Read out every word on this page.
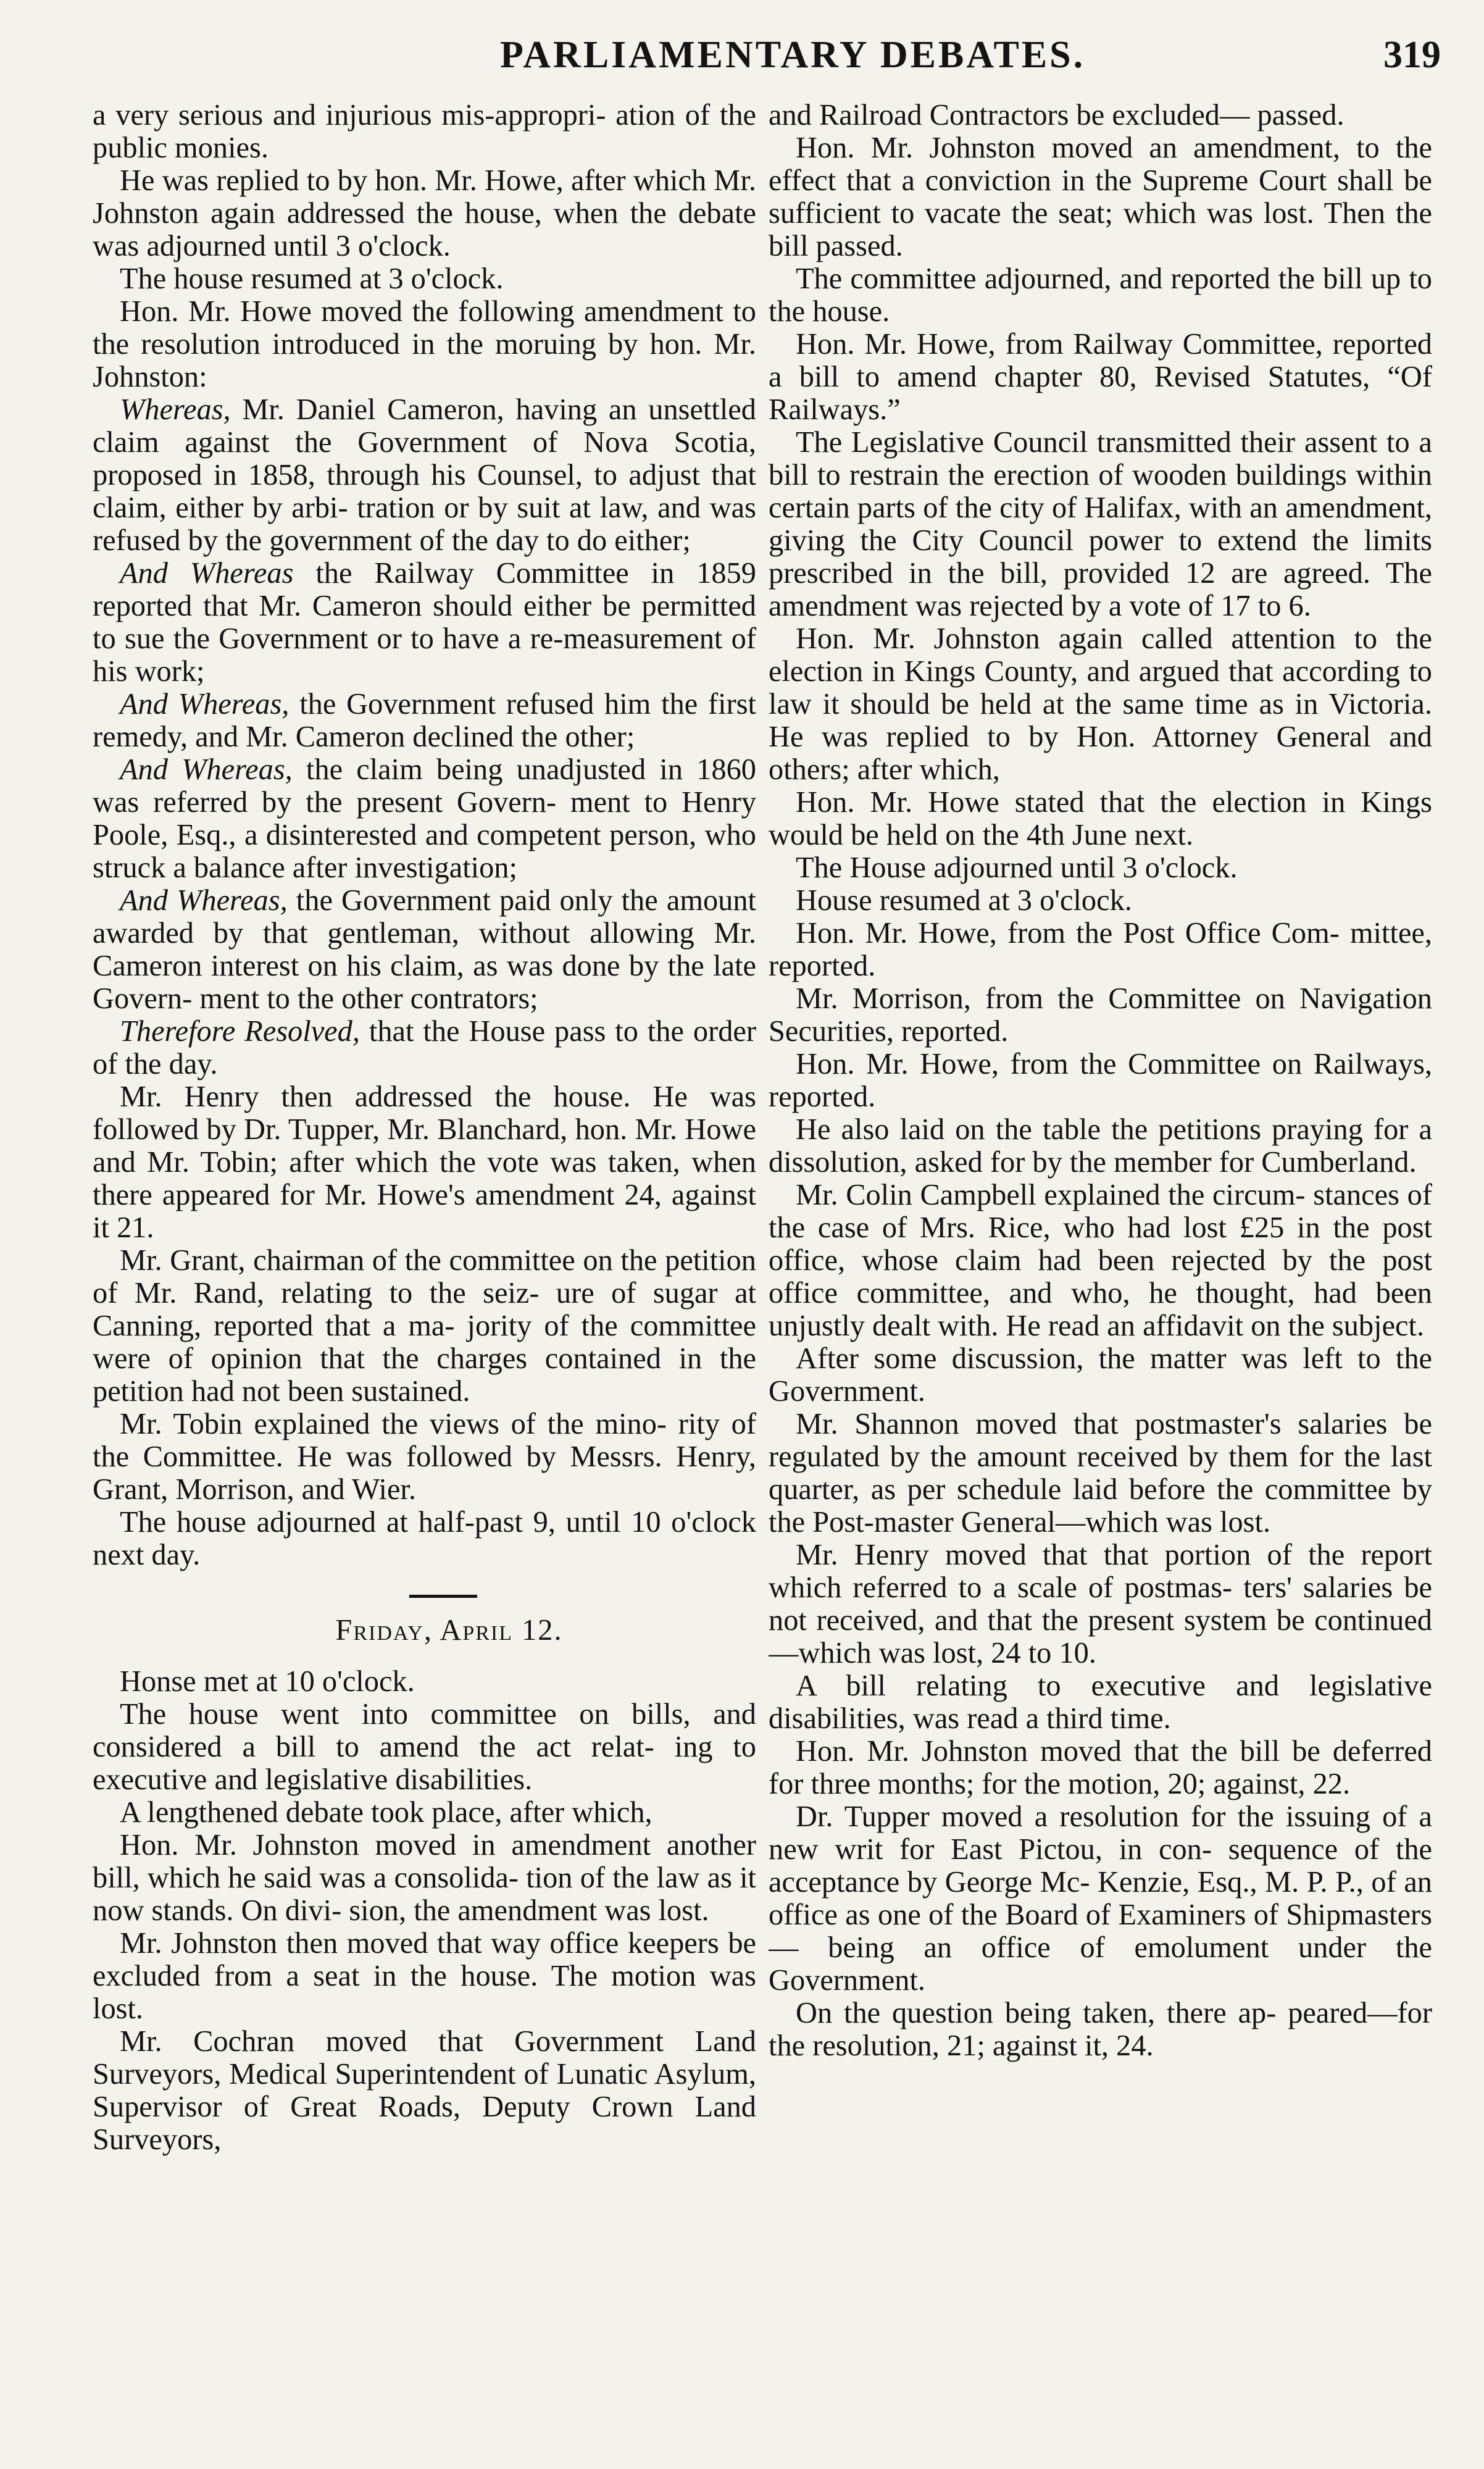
PARLIAMENTARY DEBATES.	319

a very serious and injurious mis-appropri- ation of the public monies.

He was replied to by hon. Mr. Howe, after which Mr. Johnston again addressed the house, when the debate was adjourned until 3 o'clock.

The house resumed at 3 o'clock.

Hon. Mr. Howe moved the following amendment to the resolution introduced in the moruing by hon. Mr. Johnston:

Whereas, Mr. Daniel Cameron, having an unsettled claim against the Government of Nova Scotia, proposed in 1858, through his Counsel, to adjust that claim, either by arbi- tration or by suit at law, and was refused by the government of the day to do either;

And Whereas the Railway Committee in 1859 reported that Mr. Cameron should either be permitted to sue the Government or to have a re-measurement of his work;

And Whereas, the Government refused him the first remedy, and Mr. Cameron declined the other;

And Whereas, the claim being unadjusted in 1860 was referred by the present Govern- ment to Henry Poole, Esq., a disinterested and competent person, who struck a balance after investigation;

And Whereas, the Government paid only the amount awarded by that gentleman, without allowing Mr. Cameron interest on his claim, as was done by the late Govern- ment to the other contrators;

Therefore Resolved, that the House pass to the order of the day.

Mr. Henry then addressed the house. He was followed by Dr. Tupper, Mr. Blanchard, hon. Mr. Howe and Mr. Tobin; after which the vote was taken, when there appeared for Mr. Howe's amendment 24, against it 21.

Mr. Grant, chairman of the committee on the petition of Mr. Rand, relating to the seiz- ure of sugar at Canning, reported that a ma- jority of the committee were of opinion that the charges contained in the petition had not been sustained.

Mr. Tobin explained the views of the mino- rity of the Committee. He was followed by Messrs. Henry, Grant, Morrison, and Wier.

The house adjourned at half-past 9, until 10 o'clock next day.

Friday, April 12.

Honse met at 10 o'clock.

The house went into committee on bills, and considered a bill to amend the act relat- ing to executive and legislative disabilities.

A lengthened debate took place, after which,

Hon. Mr. Johnston moved in amendment another bill, which he said was a consolida- tion of the law as it now stands. On divi- sion, the amendment was lost.

Mr. Johnston then moved that way office keepers be excluded from a seat in the house. The motion was lost.

Mr. Cochran moved that Government Land Surveyors, Medical Superintendent of Lunatic Asylum, Supervisor of Great Roads, Deputy Crown Land Surveyors,

and Railroad Contractors be excluded— passed.

Hon. Mr. Johnston moved an amendment, to the effect that a conviction in the Supreme Court shall be sufficient to vacate the seat; which was lost. Then the bill passed.

The committee adjourned, and reported the bill up to the house.

Hon. Mr. Howe, from Railway Committee, reported a bill to amend chapter 80, Revised Statutes, “Of Railways.”

The Legislative Council transmitted their assent to a bill to restrain the erection of wooden buildings within certain parts of the city of Halifax, with an amendment, giving the City Council power to extend the limits prescribed in the bill, provided 12 are agreed. The amendment was rejected by a vote of 17 to 6.

Hon. Mr. Johnston again called attention to the election in Kings County, and argued that according to law it should be held at the same time as in Victoria. He was replied to by Hon. Attorney General and others; after which,

Hon. Mr. Howe stated that the election in Kings would be held on the 4th June next.

The House adjourned until 3 o'clock.

House resumed at 3 o'clock.

Hon. Mr. Howe, from the Post Office Com- mittee, reported.

Mr. Morrison, from the Committee on Navigation Securities, reported.

Hon. Mr. Howe, from the Committee on Railways, reported.

He also laid on the table the petitions praying for a dissolution, asked for by the member for Cumberland.

Mr. Colin Campbell explained the circum- stances of the case of Mrs. Rice, who had lost £25 in the post office, whose claim had been rejected by the post office committee, and who, he thought, had been unjustly dealt with. He read an affidavit on the subject.

After some discussion, the matter was left to the Government.

Mr. Shannon moved that postmaster's salaries be regulated by the amount received by them for the last quarter, as per schedule laid before the committee by the Post-master General—which was lost.

Mr. Henry moved that that portion of the report which referred to a scale of postmas- ters' salaries be not received, and that the present system be continued—which was lost, 24 to 10.

A bill relating to executive and legislative disabilities, was read a third time.

Hon. Mr. Johnston moved that the bill be deferred for three months; for the motion, 20; against, 22.

Dr. Tupper moved a resolution for the issuing of a new writ for East Pictou, in con- sequence of the acceptance by George Mc- Kenzie, Esq., M. P. P., of an office as one of the Board of Examiners of Shipmasters— being an office of emolument under the Government.

On the question being taken, there ap- peared—for the resolution, 21; against it, 24.
